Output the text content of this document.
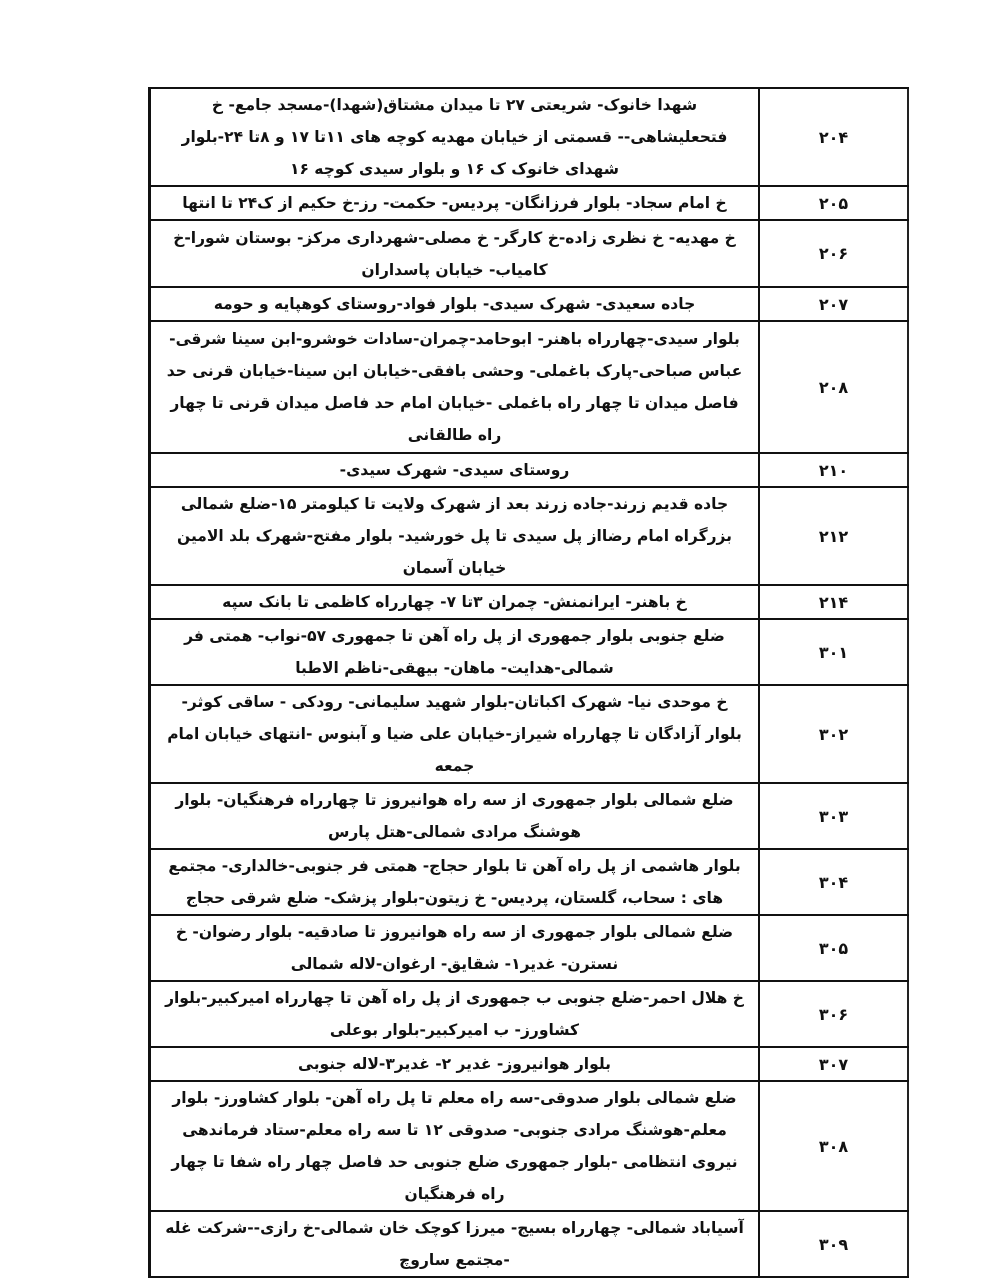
۲۰۴	شهدا خانوک- شریعتی ۲۷ تا میدان مشتاق(شهدا)-مسجد جامع- خ فتحعلیشاهی-- قسمتی از خیابان مهدیه کوچه های ۱۱تا ۱۷ و ۸تا ۲۴-بلوار شهدای خانوک ک ۱۶ و بلوار سیدی کوچه ۱۶
۲۰۵	خ امام سجاد- بلوار فرزانگان- پردیس- حکمت- رز-خ حکیم از ک۲۴ تا انتها
۲۰۶	خ مهدیه- خ نظری زاده-خ کارگر- خ مصلی-شهرداری مرکز- بوستان شورا-خ کامیاب- خیابان پاسداران
۲۰۷	جاده سعیدی- شهرک سیدی- بلوار فواد-روستای کوهپایه و حومه
۲۰۸	بلوار سیدی-چهارراه باهنر- ابوحامد-چمران-سادات خوشرو-ابن سینا شرقی-عباس صباحی-پارک باغملی- وحشی بافقی-خیابان ابن سینا-خیابان قرنی حد فاصل میدان تا چهار راه باغملی -خیابان امام حد فاصل میدان قرنی تا چهار راه طالقانی
۲۱۰	روستای سیدی- شهرک سیدی-
۲۱۲	جاده قدیم زرند-جاده زرند بعد از شهرک ولایت تا کیلومتر ۱۵-ضلع شمالی بزرگراه امام رضااز پل سیدی تا پل خورشید- بلوار مفتح-شهرک بلد الامین خیابان آسمان
۲۱۴	خ باهنر- ایرانمنش- چمران ۳تا ۷- چهارراه کاظمی تا بانک سپه
۳۰۱	ضلع جنوبی بلوار جمهوری از پل راه آهن تا جمهوری ۵۷-نواب- همتی فر شمالی-هدایت- ماهان- بیهقی-ناظم الاطبا
۳۰۲	خ موحدی نیا- شهرک اکباتان-بلوار شهید سلیمانی- رودکی - ساقی کوثر- بلوار آزادگان تا چهارراه شیراز-خیابان علی ضیا و آبنوس -انتهای خیابان امام جمعه
۳۰۳	ضلع شمالی بلوار جمهوری از سه راه هوانیروز تا چهارراه فرهنگیان- بلوار هوشنگ مرادی شمالی-هتل پارس
۳۰۴	بلوار هاشمی از پل راه آهن تا بلوار حجاج- همتی فر جنوبی-خالداری- مجتمع های : سحاب، گلستان، پردیس- خ زیتون-بلوار پزشک- ضلع شرقی حجاج
۳۰۵	ضلع شمالی بلوار جمهوری از سه راه هوانیروز تا صادقیه- بلوار رضوان- خ نسترن- غدیر۱- شقایق- ارغوان-لاله شمالی
۳۰۶	خ هلال احمر-ضلع جنوبی ب جمهوری از پل راه آهن تا چهارراه امیرکبیر-بلوار کشاورز- ب امیرکبیر-بلوار بوعلی
۳۰۷	بلوار هوانیروز- غدیر ۲- غدیر۳-لاله جنوبی
۳۰۸	ضلع شمالی بلوار صدوقی-سه راه معلم تا پل راه آهن- بلوار کشاورز- بلوار معلم-هوشنگ مرادی جنوبی- صدوقی ۱۲ تا سه راه معلم-ستاد فرماندهی نیروی انتظامی -بلوار جمهوری ضلع جنوبی حد فاصل چهار راه شفا تا چهار راه فرهنگیان
۳۰۹	آسیاباد شمالی- چهارراه بسیج- میرزا کوچک خان شمالی-خ رازی--شرکت غله -مجتمع ساروچ
